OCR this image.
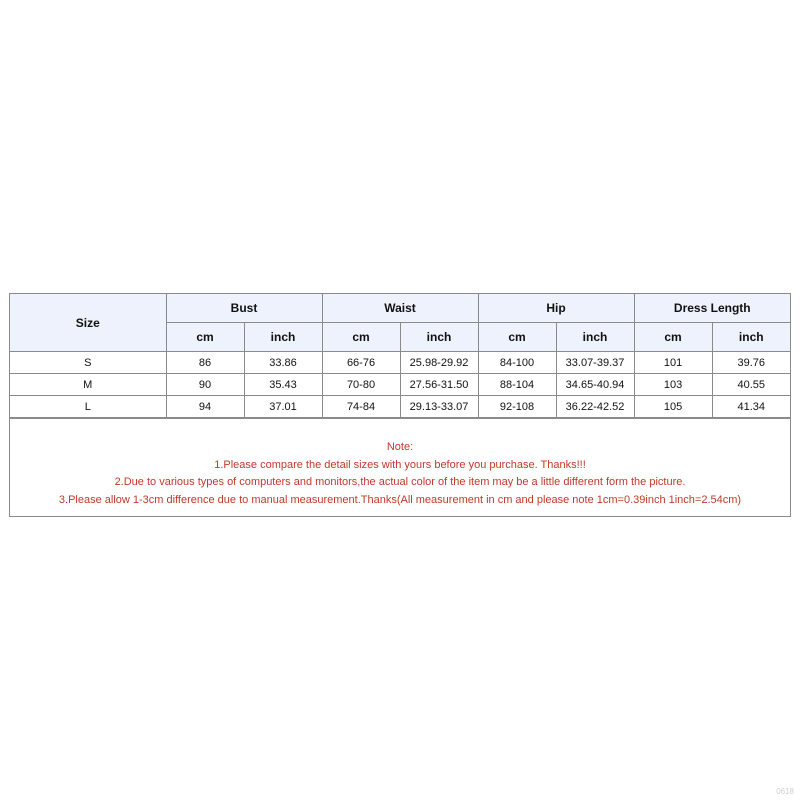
Size	Bust		Waist		Hip		Dress Length	
	cm	inch	cm	inch	cm	inch	cm	inch
S	86	33.86	66-76	25.98-29.92	84-100	33.07-39.37	101	39.76
M	90	35.43	70-80	27.56-31.50	88-104	34.65-40.94	103	40.55
L	94	37.01	74-84	29.13-33.07	92-108	36.22-42.52	105	41.34
Note:
1.Please compare the detail sizes with yours before you purchase. Thanks!!!
2.Due to various types of computers and monitors,the actual color of the item may be a little different form the picture.
3.Please allow 1-3cm difference due to manual measurement.Thanks(All measurement in cm and please note 1cm=0.39inch 1inch=2.54cm)
0618
